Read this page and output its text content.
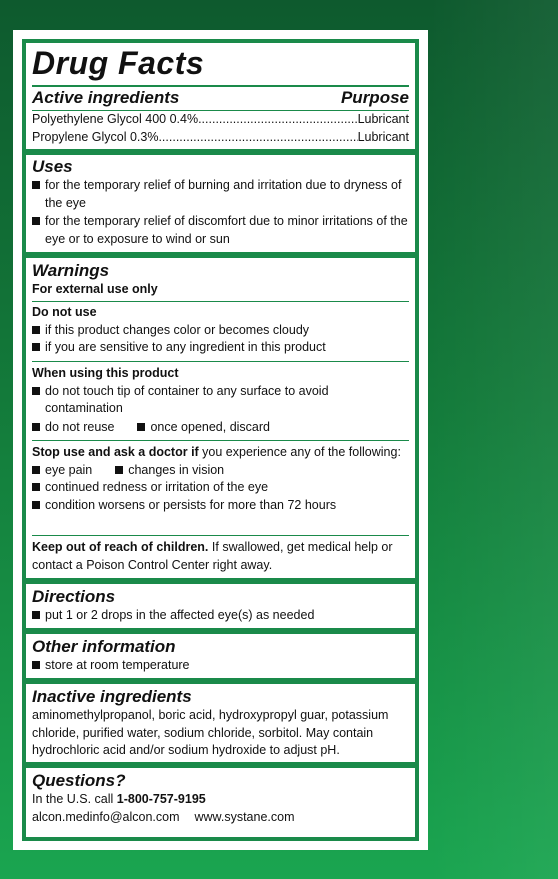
Drug Facts
Active ingredients	Purpose
Polyethylene Glycol 400 0.4% .....	Lubricant
Propylene Glycol 0.3% .....	Lubricant
Uses
for the temporary relief of burning and irritation due to dryness of the eye
for the temporary relief of discomfort due to minor irritations of the eye or to exposure to wind or sun
Warnings
For external use only
Do not use
if this product changes color or becomes cloudy
if you are sensitive to any ingredient in this product
When using this product
do not touch tip of container to any surface to avoid contamination
do not reuse	once opened, discard
Stop use and ask a doctor if you experience any of the following:
eye pain	changes in vision
continued redness or irritation of the eye
condition worsens or persists for more than 72 hours
Keep out of reach of children. If swallowed, get medical help or contact a Poison Control Center right away.
Directions
put 1 or 2 drops in the affected eye(s) as needed
Other information
store at room temperature
Inactive ingredients
aminomethylpropanol, boric acid, hydroxypropyl guar, potassium chloride, purified water, sodium chloride, sorbitol. May contain hydrochloric acid and/or sodium hydroxide to adjust pH.
Questions?
In the U.S. call 1-800-757-9195
alcon.medinfo@alcon.com www.systane.com
